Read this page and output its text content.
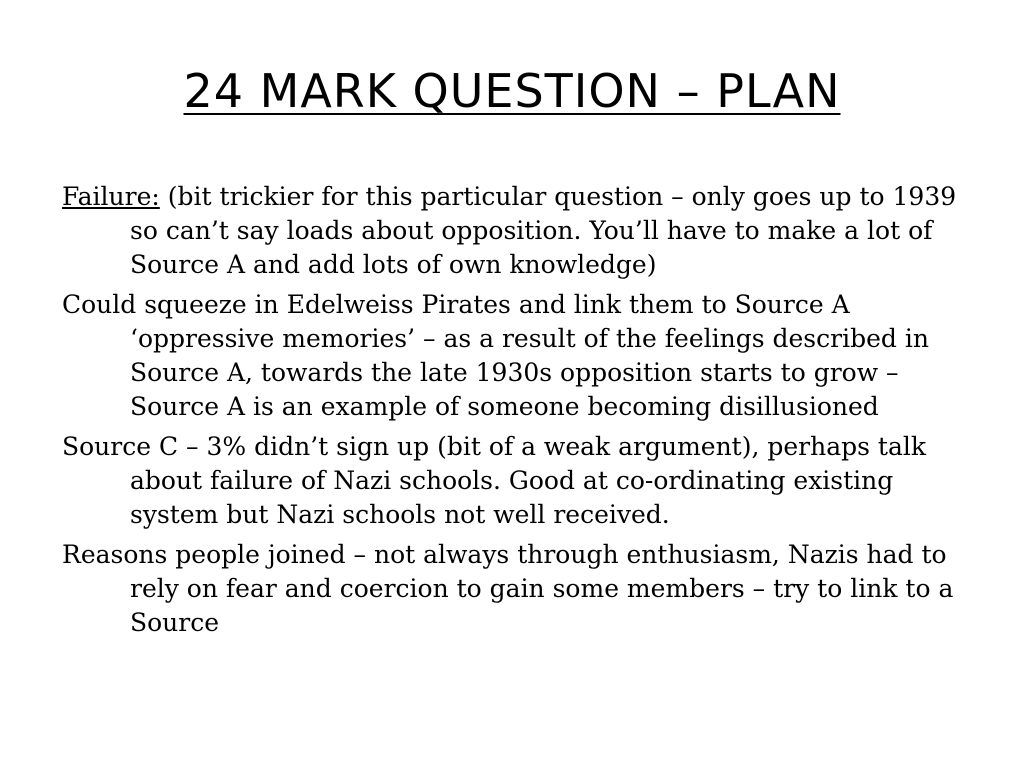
24 MARK QUESTION – PLAN

Failure: (bit trickier for this particular question – only goes up to 1939 so can’t say loads about opposition. You’ll have to make a lot of Source A and add lots of own knowledge)

Could squeeze in Edelweiss Pirates and link them to Source A ‘oppressive memories’ – as a result of the feelings described in Source A, towards the late 1930s opposition starts to grow – Source A is an example of someone becoming disillusioned

Source C – 3% didn’t sign up (bit of a weak argument), perhaps talk about failure of Nazi schools. Good at co-ordinating existing system but Nazi schools not well received.

Reasons people joined – not always through enthusiasm, Nazis had to rely on fear and coercion to gain some members – try to link to a Source
